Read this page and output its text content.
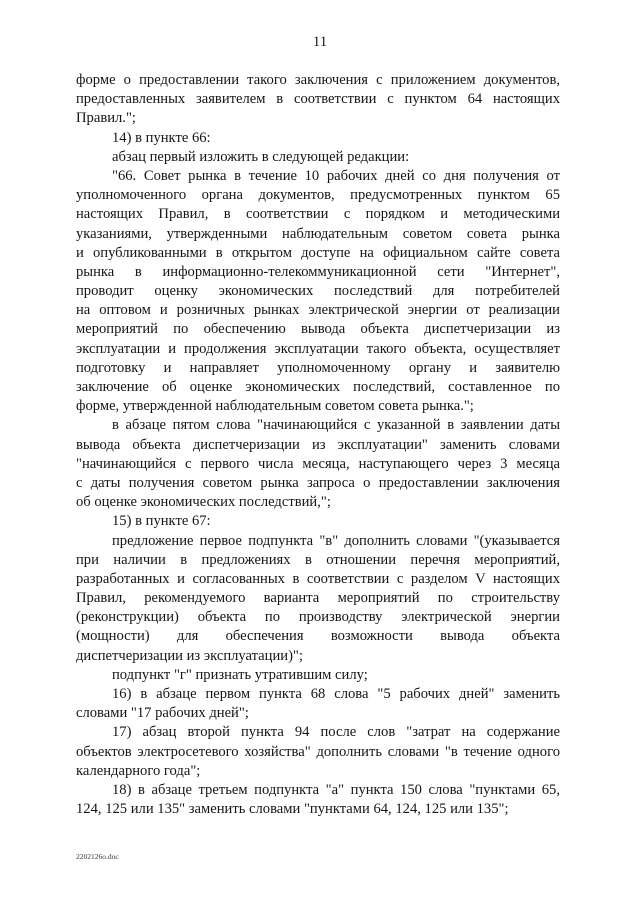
11
форме о предоставлении такого заключения с приложением документов,
предоставленных заявителем в соответствии с пунктом 64 настоящих
Правил.";
14) в пункте 66:
абзац первый изложить в следующей редакции:
"66. Совет рынка в течение 10 рабочих дней со дня получения от
уполномоченного органа документов, предусмотренных пунктом 65
настоящих Правил, в соответствии с порядком и методическими
указаниями, утвержденными наблюдательным советом совета рынка
и опубликованными в открытом доступе на официальном сайте совета
рынка в информационно-телекоммуникационной сети "Интернет",
проводит оценку экономических последствий для потребителей
на оптовом и розничных рынках электрической энергии от реализации
мероприятий по обеспечению вывода объекта диспетчеризации из
эксплуатации и продолжения эксплуатации такого объекта, осуществляет
подготовку и направляет уполномоченному органу и заявителю
заключение об оценке экономических последствий, составленное по
форме, утвержденной наблюдательным советом совета рынка.";
в абзаце пятом слова "начинающийся с указанной в заявлении даты
вывода объекта диспетчеризации из эксплуатации" заменить словами
"начинающийся с первого числа месяца, наступающего через 3 месяца
с даты получения советом рынка запроса о предоставлении заключения
об оценке экономических последствий,";
15) в пункте 67:
предложение первое подпункта "в" дополнить словами "(указывается
при наличии в предложениях в отношении перечня мероприятий,
разработанных и согласованных в соответствии с разделом V настоящих
Правил, рекомендуемого варианта мероприятий по строительству
(реконструкции) объекта по производству электрической энергии
(мощности) для обеспечения возможности вывода объекта
диспетчеризации из эксплуатации)";
подпункт "г" признать утратившим силу;
16) в абзаце первом пункта 68 слова "5 рабочих дней" заменить
словами "17 рабочих дней";
17) абзац второй пункта 94 после слов "затрат на содержание
объектов электросетевого хозяйства" дополнить словами "в течение одного
календарного года";
18) в абзаце третьем подпункта "а" пункта 150 слова "пунктами 65,
124, 125 или 135" заменить словами "пунктами 64, 124, 125 или 135";
2202126о.doc
